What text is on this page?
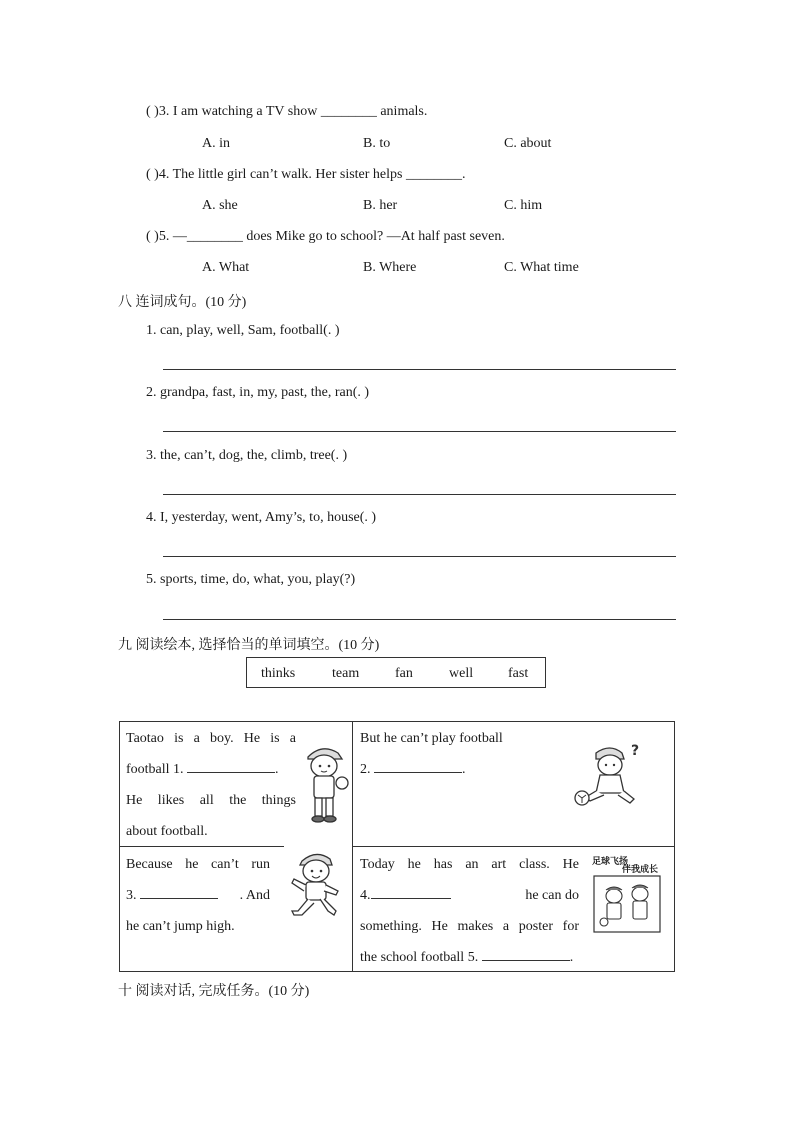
( )3. I am watching a TV show ________ animals.
A. in	B. to	C. about
( )4. The little girl can’t walk. Her sister helps ________.
A. she	B. her	C. him
( )5. —________ does Mike go to school? —At half past seven.
A. What	B. Where	C. What time
八 连词成句。(10 分)
1. can, play, well, Sam, football(. )
2. grandpa, fast, in, my, past, the, ran(. )
3. the, can’t, dog, the, climb, tree(. )
4. I, yesterday, went, Amy’s, to, house(. )
5. sports, time, do, what, you, play(?)
九 阅读绘本, 选择恰当的单词填空。(10 分)
thinks	team	fan	well fast
Taotao is a boy. He is a
football 1.	.
He likes all the things
about football.
But he can’t play football
2.	.
Because he can’t run
3.	. And
he can’t jump high.
Today he has an art class. He
4.	he can do
something. He makes a poster for
the school football 5.	.
?
足球飞扬
伴我成长
十 阅读对话, 完成任务。(10 分)
